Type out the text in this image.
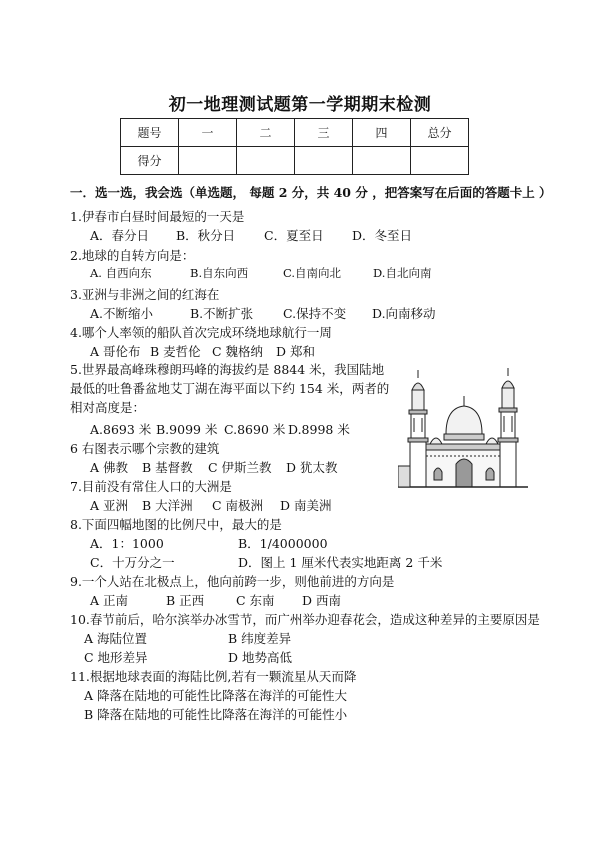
初一地理测试题第一学期期末检测
题号	一	二	三	四	总分
得分					
一．选一选，我会选（单选题， 每题 2 分，共 40 分 ，把答案写在后面的答题卡上 ）
1.伊春市白昼时间最短的一天是
A．春分日 B．秋分日 C．夏至日 D．冬至日
2.地球的自转方向是：
A. 自西向东	B.自东向西	C.自南向北	D.自北向南
3.亚洲与非洲之间的红海在
A.不断缩小	B.不断扩张 C.保持不变 D.向南移动
4.哪个人率领的船队首次完成环绕地球航行一周
A 哥伦布 B 麦哲伦 C 魏格纳 D 郑和
5.世界最高峰珠穆朗玛峰的海拔约是 8844 米，我国陆地最低的吐鲁番盆地艾丁湖在海平面以下约 154 米，两者的相对高度是：
A.8693 米 B.9099 米 C.8690 米 D.8998 米
6 右图表示哪个宗教的建筑
A 佛教 B 基督教 C 伊斯兰教 D 犹太教
7.目前没有常住人口的大洲是
A 亚洲 B 大洋洲 C 南极洲 D 南美洲
8.下面四幅地图的比例尺中，最大的是
A．1：1000	B．1/4000000
C．十万分之一	D．图上 1 厘米代表实地距离 2 千米
9.一个人站在北极点上，他向前跨一步，则他前进的方向是
A 正南	B 正西	C 东南 D 西南
10.春节前后，哈尔滨举办冰雪节，而广州举办迎春花会，造成这种差异的主要原因是
A 海陆位置	B 纬度差异
C 地形差异	D 地势高低
11.根据地球表面的海陆比例,若有一颗流星从天而降
A 降落在陆地的可能性比降落在海洋的可能性大
B 降落在陆地的可能性比降落在海洋的可能性小
